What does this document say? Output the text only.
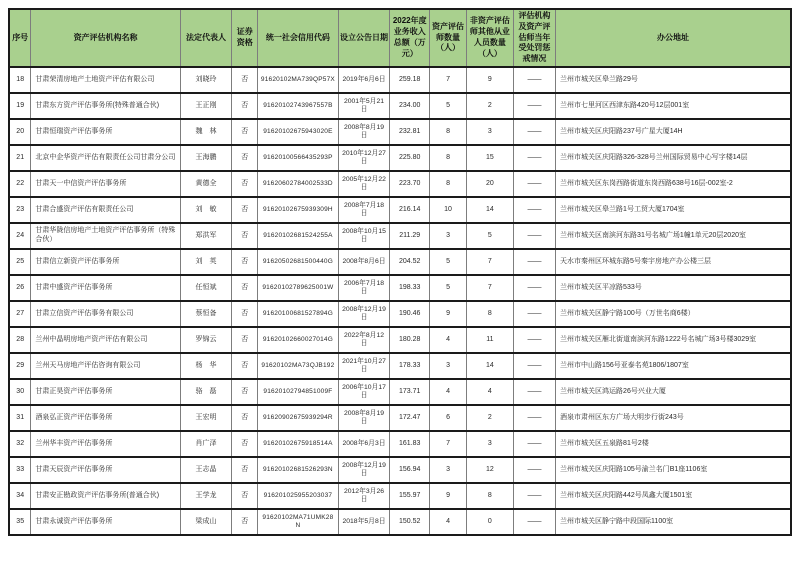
序号	资产评估机构名称	法定代表人	证券资格	统一社会信用代码	设立公告日期	2022年度业务收入总额（万元）	资产评估师数量（人）	非资产评估师其他从业人员数量（人）	评估机构及资产评估师当年受处罚惩戒情况	办公地址
18	甘肃荣清房地产土地资产评估有限公司	刘晓玲	否	91620102MA739QP57X	2019年6月6日	259.18	7	9	——	兰州市城关区皋兰路29号
19	甘肃东方资产评估事务所(特殊普通合伙)	王正刚	否	91620102743967557B	2001年5月21日	234.00	5	2	——	兰州市七里河区西津东路420号12层001室
20	甘肃恒瑞资产评估事务所	魏　林	否	91620102675943020E	2008年8月19日	232.81	8	3	——	兰州市城关区庆阳路237号广星大厦14H
21	北京中企华资产评估有限责任公司甘肃分公司	王海鹏	否	91620100566435293P	2010年12月27日	225.80	8	15	——	兰州市城关区庆阳路326-328号兰州国际贸易中心写字楼14层
22	甘肃天一中信资产评估事务所	黄德全	否	91620602784002533D	2005年12月22日	223.70	8	20	——	兰州市城关区东岗西路街道东岗西路638号16层-002室-2
23	甘肃合盛资产评估有限责任公司	刘　敏	否	91620102675939309H	2008年7月18日	216.14	10	14	——	兰州市城关区皋兰路1号工贸大厦1704室
24	甘肃华陇信房地产土地资产评估事务所（特殊合伙）	郑洪军	否	91620102681524255A	2008年10月15日	211.29	3	5	——	兰州市城关区南滨河东路31号名城广场1幢1单元20层2020室
25	甘肃信立新资产评估事务所	刘　英	否	91620502681500440G	2008年8月6日	204.52	5	7	——	天水市秦州区环城东路5号秦宇房地产办公楼三层
26	甘肃中盛资产评估事务所	任恒斌	否	91620102789625001W	2006年7月18日	198.33	5	7	——	兰州市城关区平凉路533号
27	甘肃立信资产评估事务有限公司	蔡恒备	否	91620100681527894G	2008年12月19日	190.46	9	8	——	兰州市城关区静宁路100号（万世名商6楼）
28	兰州中晶明房地产资产评估有限公司	罗锦云	否	91620102660027014G	2022年8月12日	180.28	4	11	——	兰州市城关区雁北街道南滨河东路1222号名城广场3号楼3029室
29	兰州天马房地产评估咨询有限公司	杨　华	否	91620102MA73QJB192	2021年10月27日	178.33	3	14	——	兰州市中山路156号亚泰名苑1806/1807室
30	甘肃正昊资产评估事务所	骆　磊	否	91620102794851009F	2006年10月17日	173.71	4	4	——	兰州市城关区鸿运路26号兴业大厦
31	酒泉弘正资产评估事务所	王宏明	否	91620902675939294R	2008年8月19日	172.47	6	2	——	酒泉市肃州区东方广场大明步行街243号
32	兰州华丰资产评估事务所	肖广泽	否	91620102675918514A	2008年6月3日	161.83	7	3	——	兰州市城关区五泉路81号2楼
33	甘肃天辰资产评估事务所	王志晶	否	91620102681526293N	2008年12月19日	156.94	3	12	——	兰州市城关区庆阳路105号渝兰名门B1座1106室
34	甘肃安正勘政资产评估事务所(普通合伙)	王学龙	否	916201025955203037	2012年3月26日	155.97	9	8	——	兰州市城关区庆阳路442号凤鑫大厦1501室
35	甘肃永诚资产评估事务所	梁成山	否	91620102MA71UMK28N	2018年5月8日	150.52	4	0	——	兰州市城关区静宁路中段国际1100室
